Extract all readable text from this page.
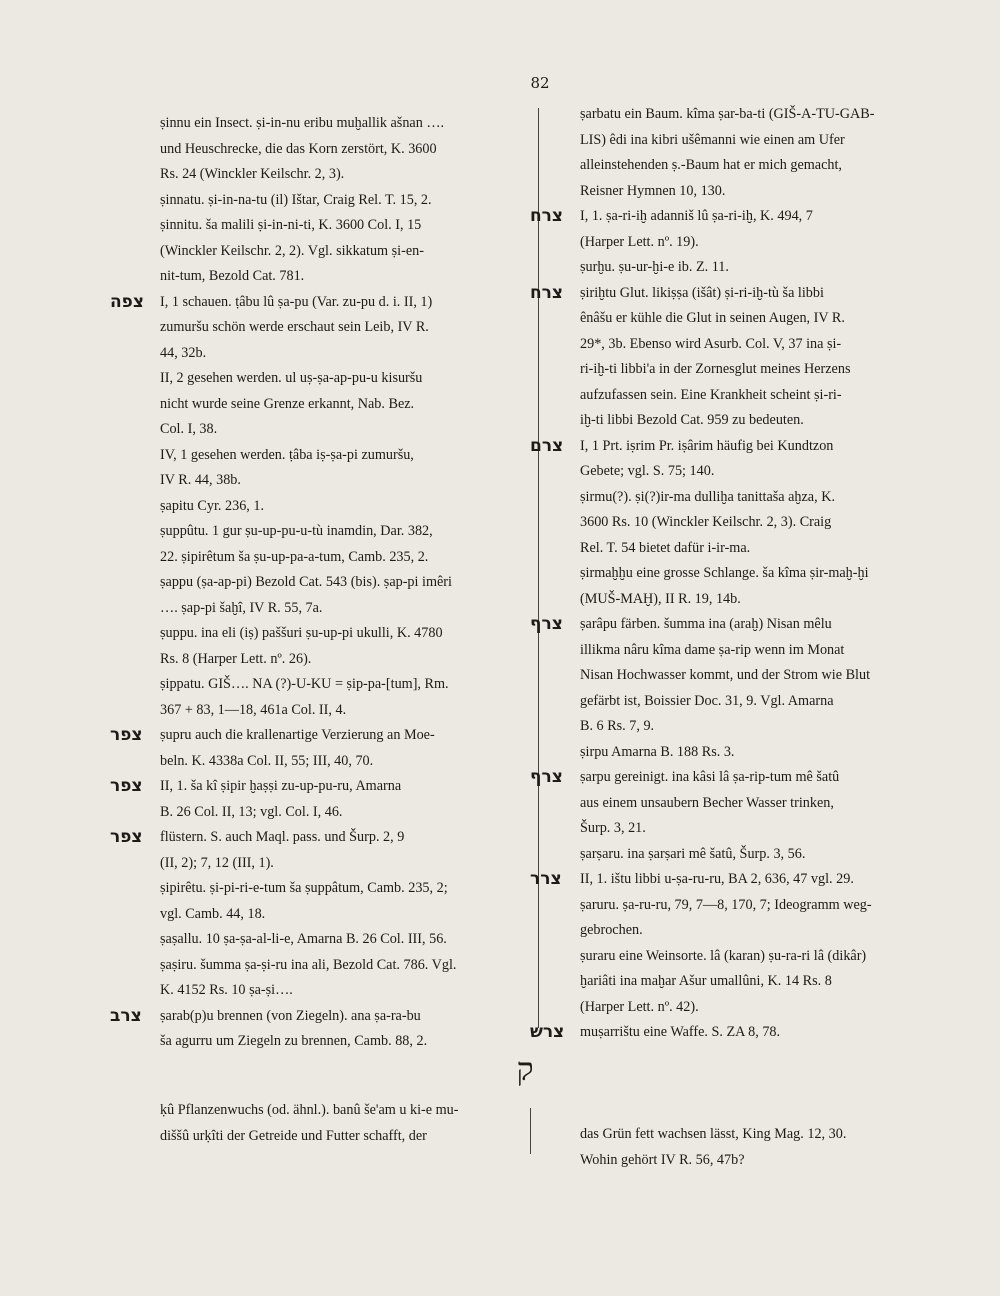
82
ṣinnu ein Insect. ṣi-in-nu eribu muḫallik ašnan ….
und Heuschrecke, die das Korn zerstört, K. 3600
Rs. 24 (Winckler Keilschr. 2, 3).
ṣinnatu. ṣi-in-na-tu (il) Ištar, Craig Rel. T. 15, 2.
ṣinnitu. ša malili ṣi-in-ni-ti, K. 3600 Col. I, 15
(Winckler Keilschr. 2, 2). Vgl. sikkatum ṣi-en-
nit-tum, Bezold Cat. 781.
צפה	I, 1 schauen. ṭâbu lû ṣa-pu (Var. zu-pu d. i. II, 1)
zumuršu schön werde erschaut sein Leib, IV R.
44, 32b.
II, 2 gesehen werden. ul uṣ-ṣa-ap-pu-u kisuršu
nicht wurde seine Grenze erkannt, Nab. Bez.
Col. I, 38.
IV, 1 gesehen werden. ṭâba iṣ-ṣa-pi zumuršu,
IV R. 44, 38b.
ṣapitu Cyr. 236, 1.
ṣuppûtu. 1 gur ṣu-up-pu-u-tù inamdin, Dar. 382,
22. ṣipirêtum ša ṣu-up-pa-a-tum, Camb. 235, 2.
ṣappu (ṣa-ap-pi) Bezold Cat. 543 (bis). ṣap-pi imêri
…. ṣap-pi šaḫî, IV R. 55, 7a.
ṣuppu. ina eli (iṣ) paššuri ṣu-up-pi ukulli, K. 4780
Rs. 8 (Harper Lett. nº. 26).
ṣippatu. GIŠ…. NA (?)-U-KU = ṣip-pa-[tum], Rm.
367 + 83, 1—18, 461a Col. II, 4.
צפר	ṣupru auch die krallenartige Verzierung an Moe-
beln. K. 4338a Col. II, 55; III, 40, 70.
צפר	II, 1. ša kî ṣipir ḫaṣṣi zu-up-pu-ru, Amarna
B. 26 Col. II, 13; vgl. Col. I, 46.
צפר	flüstern. S. auch Maql. pass. und Šurp. 2, 9
(II, 2); 7, 12 (III, 1).
ṣipirêtu. ṣi-pi-ri-e-tum ša ṣuppâtum, Camb. 235, 2;
vgl. Camb. 44, 18.
ṣaṣallu. 10 ṣa-ṣa-al-li-e, Amarna B. 26 Col. III, 56.
ṣaṣiru. šumma ṣa-ṣi-ru ina ali, Bezold Cat. 786. Vgl.
K. 4152 Rs. 10 ṣa-ṣi….
צרב	ṣarab(p)u brennen (von Ziegeln). ana ṣa-ra-bu
ša agurru um Ziegeln zu brennen, Camb. 88, 2.
ṣarbatu ein Baum. kîma ṣar-ba-ti (GIŠ-A-TU-GAB-
LIS) êdi ina kibri ušêmanni wie einen am Ufer
alleinstehenden ṣ.-Baum hat er mich gemacht,
Reisner Hymnen 10, 130.
צרח	I, 1. ṣa-ri-iḫ adanniš lû ṣa-ri-iḫ, K. 494, 7
(Harper Lett. nº. 19).
ṣurḫu. ṣu-ur-ḫi-e ib. Z. 11.
צרח	ṣiriḫtu Glut. likiṣṣa (išât) ṣi-ri-iḫ-tù ša libbi
ênâšu er kühle die Glut in seinen Augen, IV R.
29*, 3b. Ebenso wird Asurb. Col. V, 37 ina ṣi-
ri-iḫ-ti libbi'a in der Zornesglut meines Herzens
aufzufassen sein. Eine Krankheit scheint ṣi-ri-
iḫ-ti libbi Bezold Cat. 959 zu bedeuten.
צרם	I, 1 Prt. iṣrim Pr. iṣârim häufig bei Kundtzon
Gebete; vgl. S. 75; 140.
ṣirmu(?). ṣi(?)ir-ma dulliḫa tanittaša aḫza, K.
3600 Rs. 10 (Winckler Keilschr. 2, 3). Craig
Rel. T. 54 bietet dafür i-ir-ma.
ṣirmaḫḫu eine grosse Schlange. ša kîma ṣir-maḫ-ḫi
(MUŠ-MAḪ), II R. 19, 14b.
צרף	ṣarâpu färben. šumma ina (araḫ) Nisan mêlu
illikma nâru kîma dame ṣa-rip wenn im Monat
Nisan Hochwasser kommt, und der Strom wie Blut
gefärbt ist, Boissier Doc. 31, 9. Vgl. Amarna
B. 6 Rs. 7, 9.
ṣirpu Amarna B. 188 Rs. 3.
צרף	ṣarpu gereinigt. ina kâsi lâ ṣa-rip-tum mê šatû
aus einem unsaubern Becher Wasser trinken,
Šurp. 3, 21.
ṣarṣaru. ina ṣarṣari mê šatû, Šurp. 3, 56.
צרר	II, 1. ištu libbi u-ṣa-ru-ru, BA 2, 636, 47 vgl. 29.
ṣaruru. ṣa-ru-ru, 79, 7—8, 170, 7; Ideogramm weg-
gebrochen.
ṣuraru eine Weinsorte. lâ (karan) ṣu-ra-ri lâ (dikâr)
ḫariâti ina maḫar Ašur umallûni, K. 14 Rs. 8
(Harper Lett. nº. 42).
צרש	muṣarrištu eine Waffe. S. ZA 8, 78.
ק
ḳû Pflanzenwuchs (od. ähnl.). banû še'am u ki-e mu-
diššû urḳîti der Getreide und Futter schafft, der	das Grün fett wachsen lässt, King Mag. 12, 30.
Wohin gehört IV R. 56, 47b?
